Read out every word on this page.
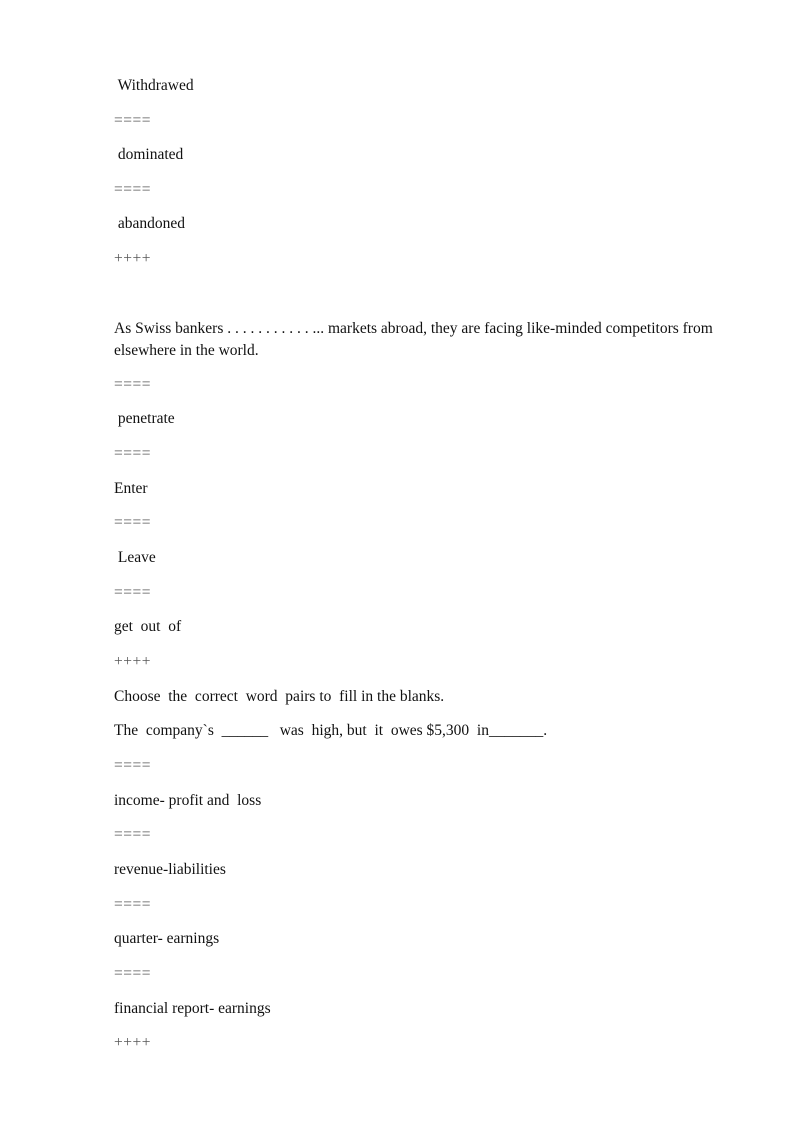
Withdrawed
====
dominated
====
abandoned
++++
As Swiss bankers . . . . . . . . . . . ... markets abroad, they are facing like-minded competitors from elsewhere in the world.
====
penetrate
====
Enter
====
Leave
====
get  out  of
++++
Choose  the  correct  word  pairs to  fill in the blanks.
The  company`s  ______   was  high, but  it  owes $5,300  in_______.
====
income- profit and  loss
====
revenue-liabilities
====
quarter- earnings
====
financial report- earnings
++++
